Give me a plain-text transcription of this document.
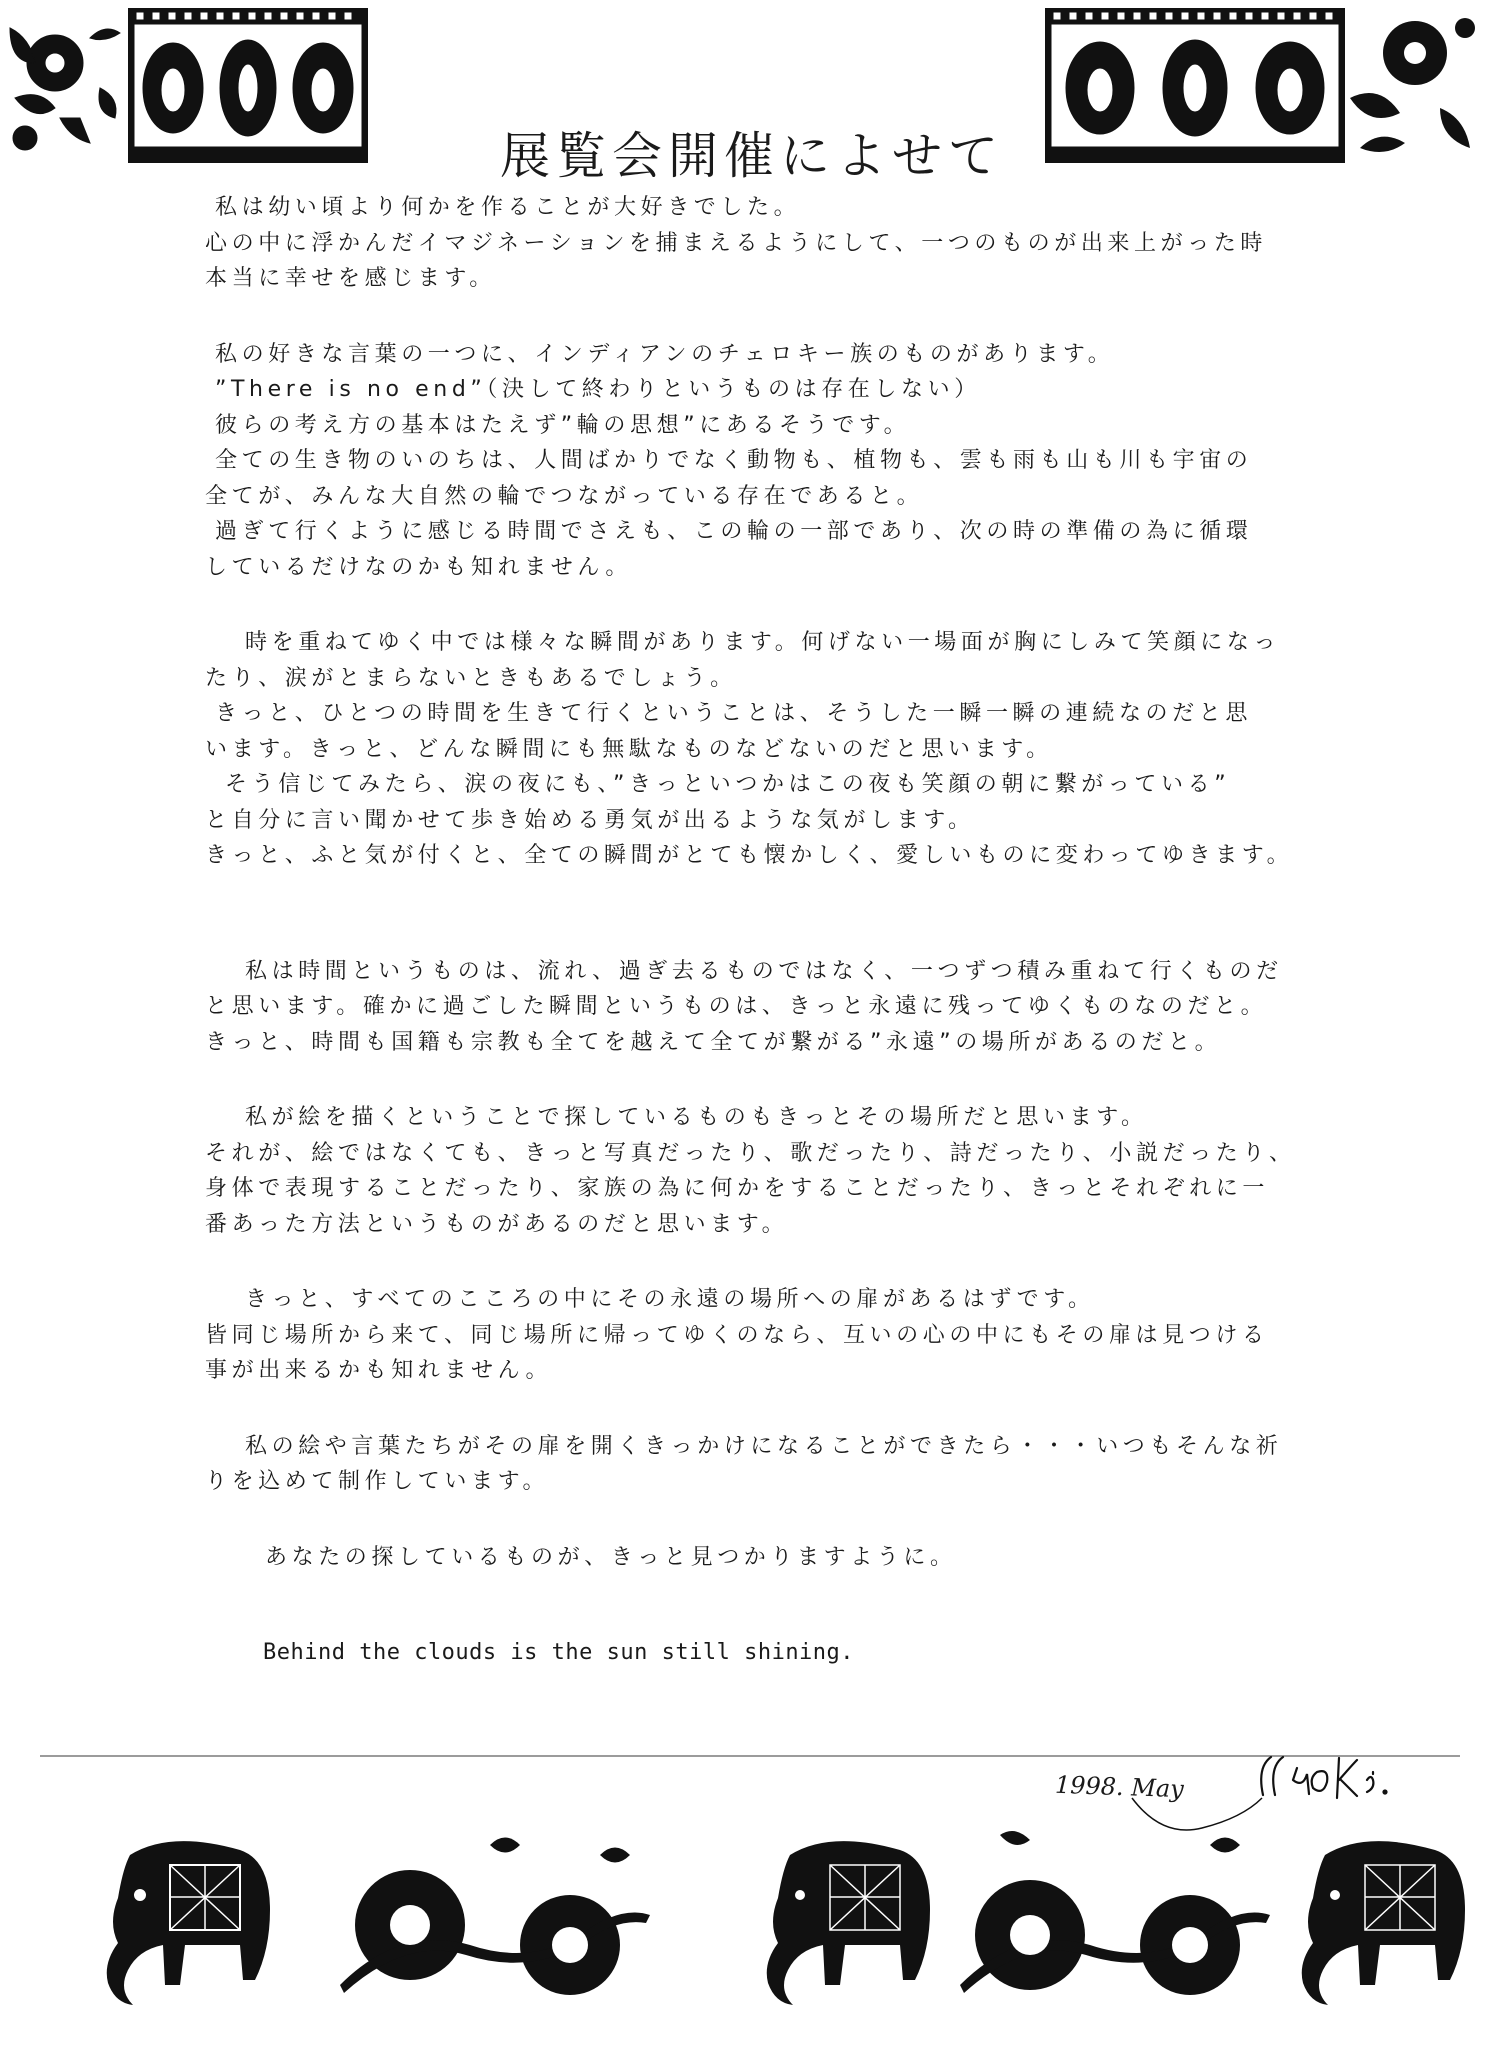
展覧会開催によせて
私は幼い頃より何かを作ることが大好きでした。
心の中に浮かんだイマジネーションを捕まえるようにして、一つのものが出来上がった時
本当に幸せを感じます。
私の好きな言葉の一つに、インディアンのチェロキー族のものがあります。
”There is no end”（決して終わりというものは存在しない）
彼らの考え方の基本はたえず”輪の思想”にあるそうです。
全ての生き物のいのちは、人間ばかりでなく動物も、植物も、雲も雨も山も川も宇宙の
全てが、みんな大自然の輪でつながっている存在であると。
過ぎて行くように感じる時間でさえも、この輪の一部であり、次の時の準備の為に循環
しているだけなのかも知れません。
時を重ねてゆく中では様々な瞬間があります。何げない一場面が胸にしみて笑顔になっ
たり、涙がとまらないときもあるでしょう。
きっと、ひとつの時間を生きて行くということは、そうした一瞬一瞬の連続なのだと思
います。きっと、どんな瞬間にも無駄なものなどないのだと思います。
そう信じてみたら、涙の夜にも、”きっといつかはこの夜も笑顔の朝に繋がっている”
と自分に言い聞かせて歩き始める勇気が出るような気がします。
きっと、ふと気が付くと、全ての瞬間がとても懐かしく、愛しいものに変わってゆきます。
私は時間というものは、流れ、過ぎ去るものではなく、一つずつ積み重ねて行くものだ
と思います。確かに過ごした瞬間というものは、きっと永遠に残ってゆくものなのだと。
きっと、時間も国籍も宗教も全てを越えて全てが繋がる”永遠”の場所があるのだと。
私が絵を描くということで探しているものもきっとその場所だと思います。
それが、絵ではなくても、きっと写真だったり、歌だったり、詩だったり、小説だったり、
身体で表現することだったり、家族の為に何かをすることだったり、きっとそれぞれに一
番あった方法というものがあるのだと思います。
きっと、すべてのこころの中にその永遠の場所への扉があるはずです。
皆同じ場所から来て、同じ場所に帰ってゆくのなら、互いの心の中にもその扉は見つける
事が出来るかも知れません。
私の絵や言葉たちがその扉を開くきっかけになることができたら・・・いつもそんな祈
りを込めて制作しています。
あなたの探しているものが、きっと見つかりますように。
Behind the clouds is the sun still shining.
1998. May
